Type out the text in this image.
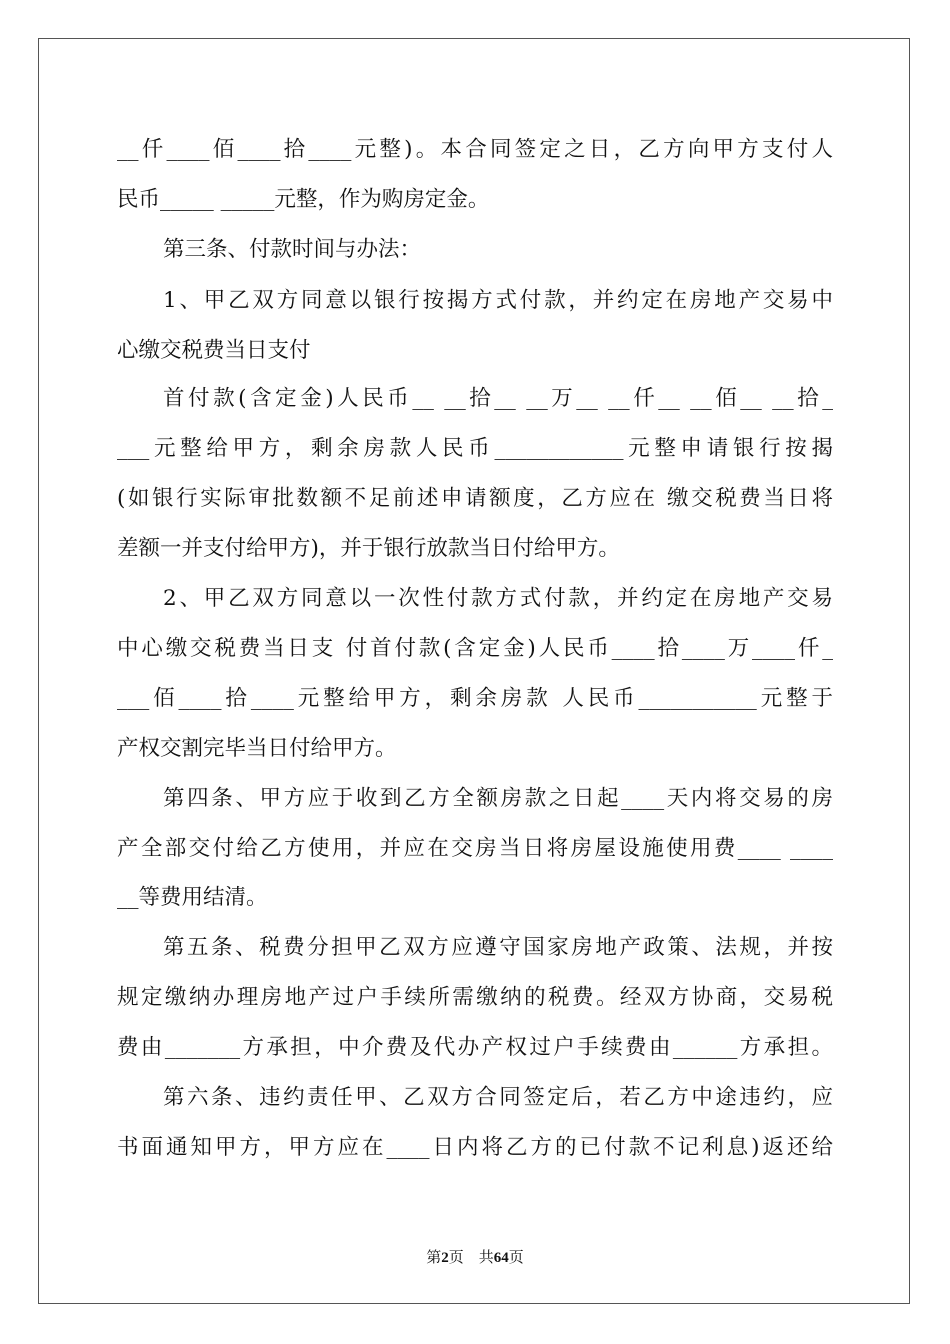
__仟____佰____拾____元整)。本合同签定之日，乙方向甲方支付人
民币_____ _____元整，作为购房定金。
第三条、付款时间与办法：
1、甲乙双方同意以银行按揭方式付款，并约定在房地产交易中
心缴交税费当日支付
首付款(含定金)人民币__ __拾__ __万__ __仟__ __佰__ __拾_
___元整给甲方，剩余房款人民币____________元整申请银行按揭
(如银行实际审批数额不足前述申请额度，乙方应在 缴交税费当日将
差额一并支付给甲方)，并于银行放款当日付给甲方。
2、甲乙双方同意以一次性付款方式付款，并约定在房地产交易
中心缴交税费当日支 付首付款(含定金)人民币____拾____万____仟_
___佰____拾____元整给甲方，剩余房款 人民币___________元整于
产权交割完毕当日付给甲方。
第四条、甲方应于收到乙方全额房款之日起____天内将交易的房
产全部交付给乙方使用，并应在交房当日将房屋设施使用费____ ____
__等费用结清。
第五条、税费分担甲乙双方应遵守国家房地产政策、法规，并按
规定缴纳办理房地产过户手续所需缴纳的税费。经双方协商，交易税
费由_______方承担，中介费及代办产权过户手续费由______方承担。
第六条、违约责任甲、乙双方合同签定后，若乙方中途违约，应
书面通知甲方，甲方应在____日内将乙方的已付款不记利息)返还给
第2页　共64页
